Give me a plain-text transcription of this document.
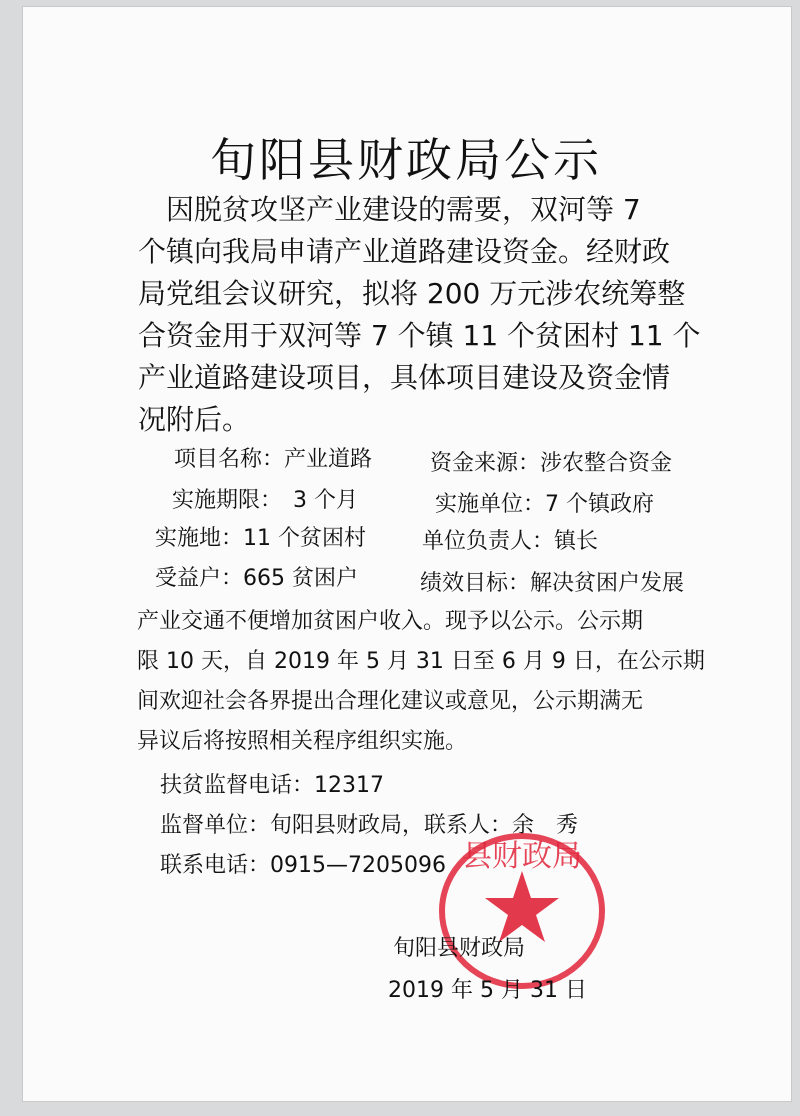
旬阳县财政局公示
　因脱贫攻坚产业建设的需要，双河等 7
个镇向我局申请产业道路建设资金。经财政
局党组会议研究，拟将 200 万元涉农统筹整
合资金用于双河等 7 个镇 11 个贫困村 11 个
产业道路建设项目，具体项目建设及资金情
况附后。
项目名称：产业道路	资金来源：涉农整合资金
实施期限：　3 个月	实施单位：7 个镇政府
实施地：11 个贫困村	单位负责人：镇长
受益户：665 贫困户	绩效目标：解决贫困户发展
产业交通不便增加贫困户收入。现予以公示。公示期
限 10 天，自 2019 年 5 月 31 日至 6 月 9 日，在公示期
间欢迎社会各界提出合理化建议或意见，公示期满无
异议后将按照相关程序组织实施。
扶贫监督电话：12317
监督单位：旬阳县财政局，联系人：余　秀
联系电话：0915—7205096 县财政局
旬阳县财政局
2019 年 5 月 31 日
